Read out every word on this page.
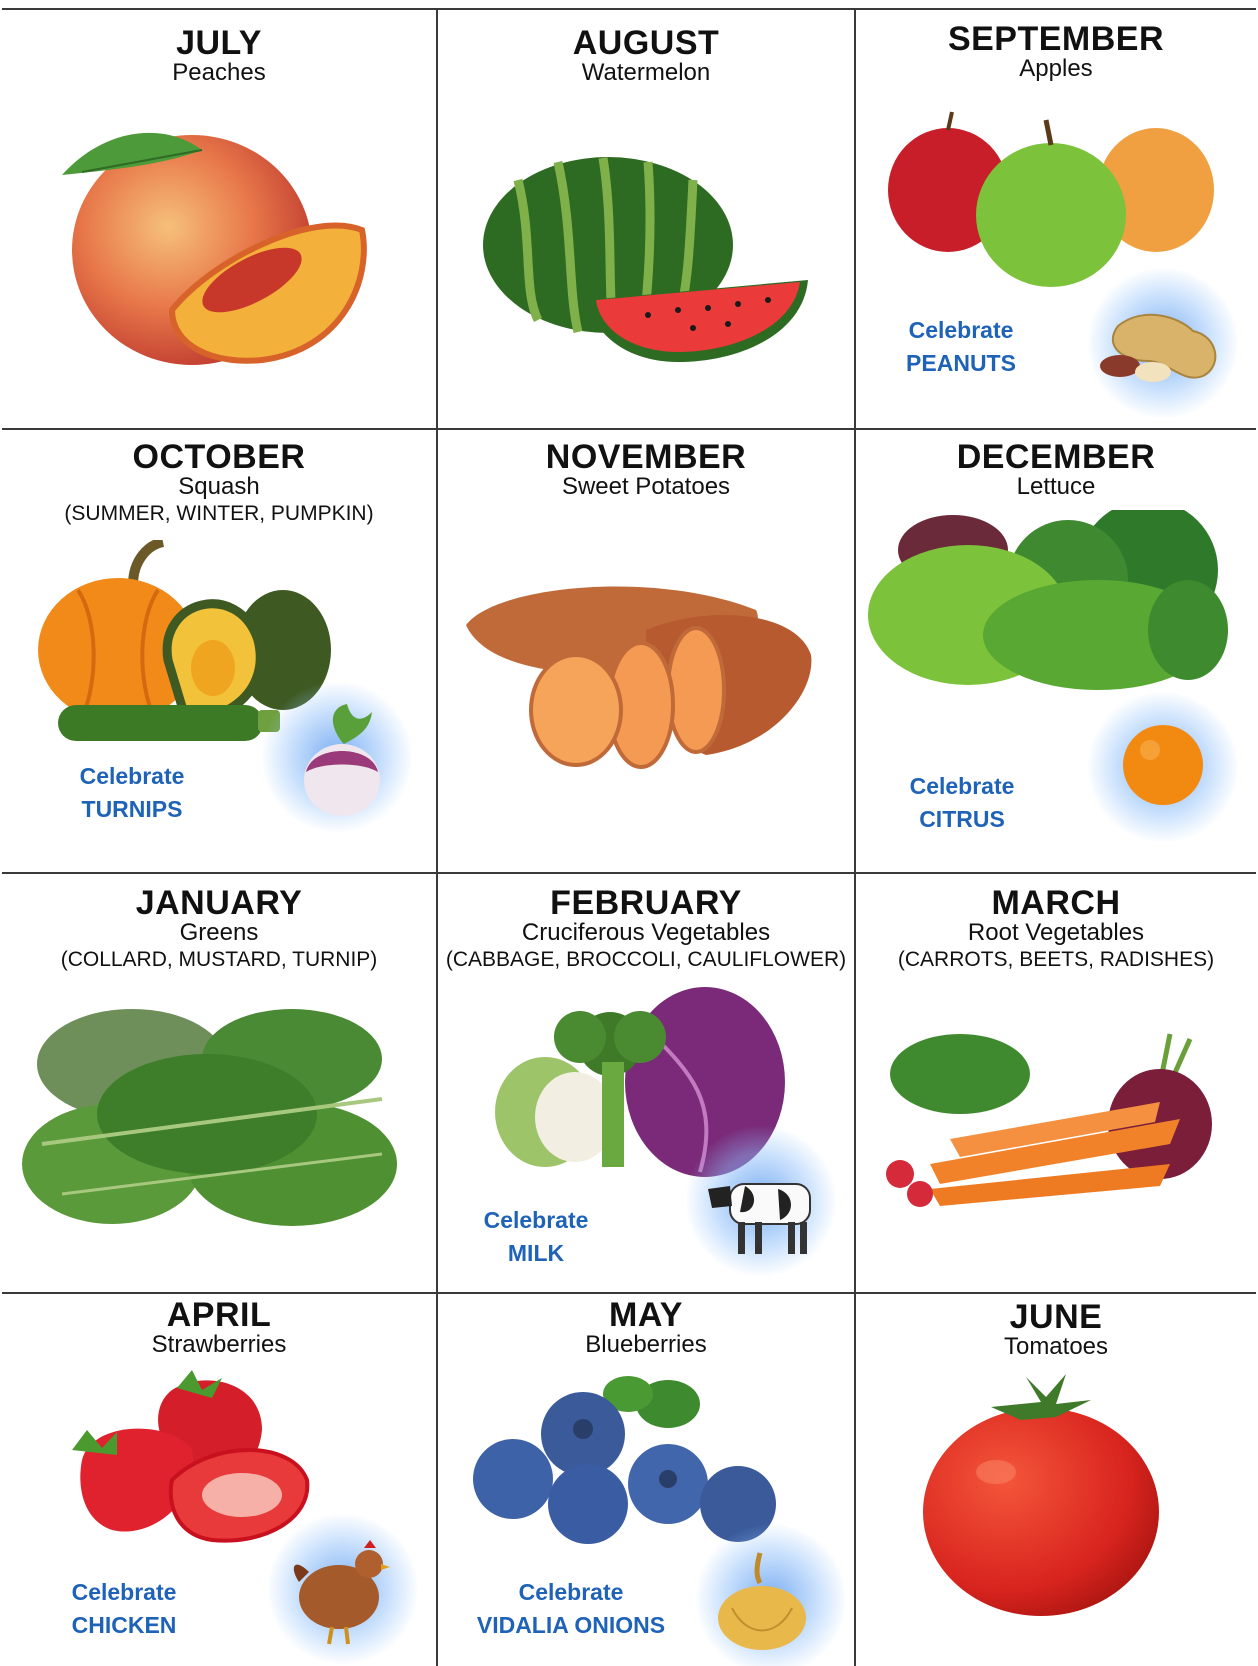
JULY
Peaches
AUGUST
Watermelon
SEPTEMBER
Apples
Celebrate
PEANUTS
OCTOBER
Squash
(SUMMER, WINTER, PUMPKIN)
Celebrate
TURNIPS
NOVEMBER
Sweet Potatoes
DECEMBER
Lettuce
Celebrate
CITRUS
JANUARY
Greens
(COLLARD, MUSTARD, TURNIP)
FEBRUARY
Cruciferous Vegetables
(CABBAGE, BROCCOLI, CAULIFLOWER)
Celebrate
MILK
MARCH
Root Vegetables
(CARROTS, BEETS, RADISHES)
APRIL
Strawberries
Celebrate
CHICKEN
MAY
Blueberries
Celebrate
VIDALIA ONIONS
JUNE
Tomatoes
